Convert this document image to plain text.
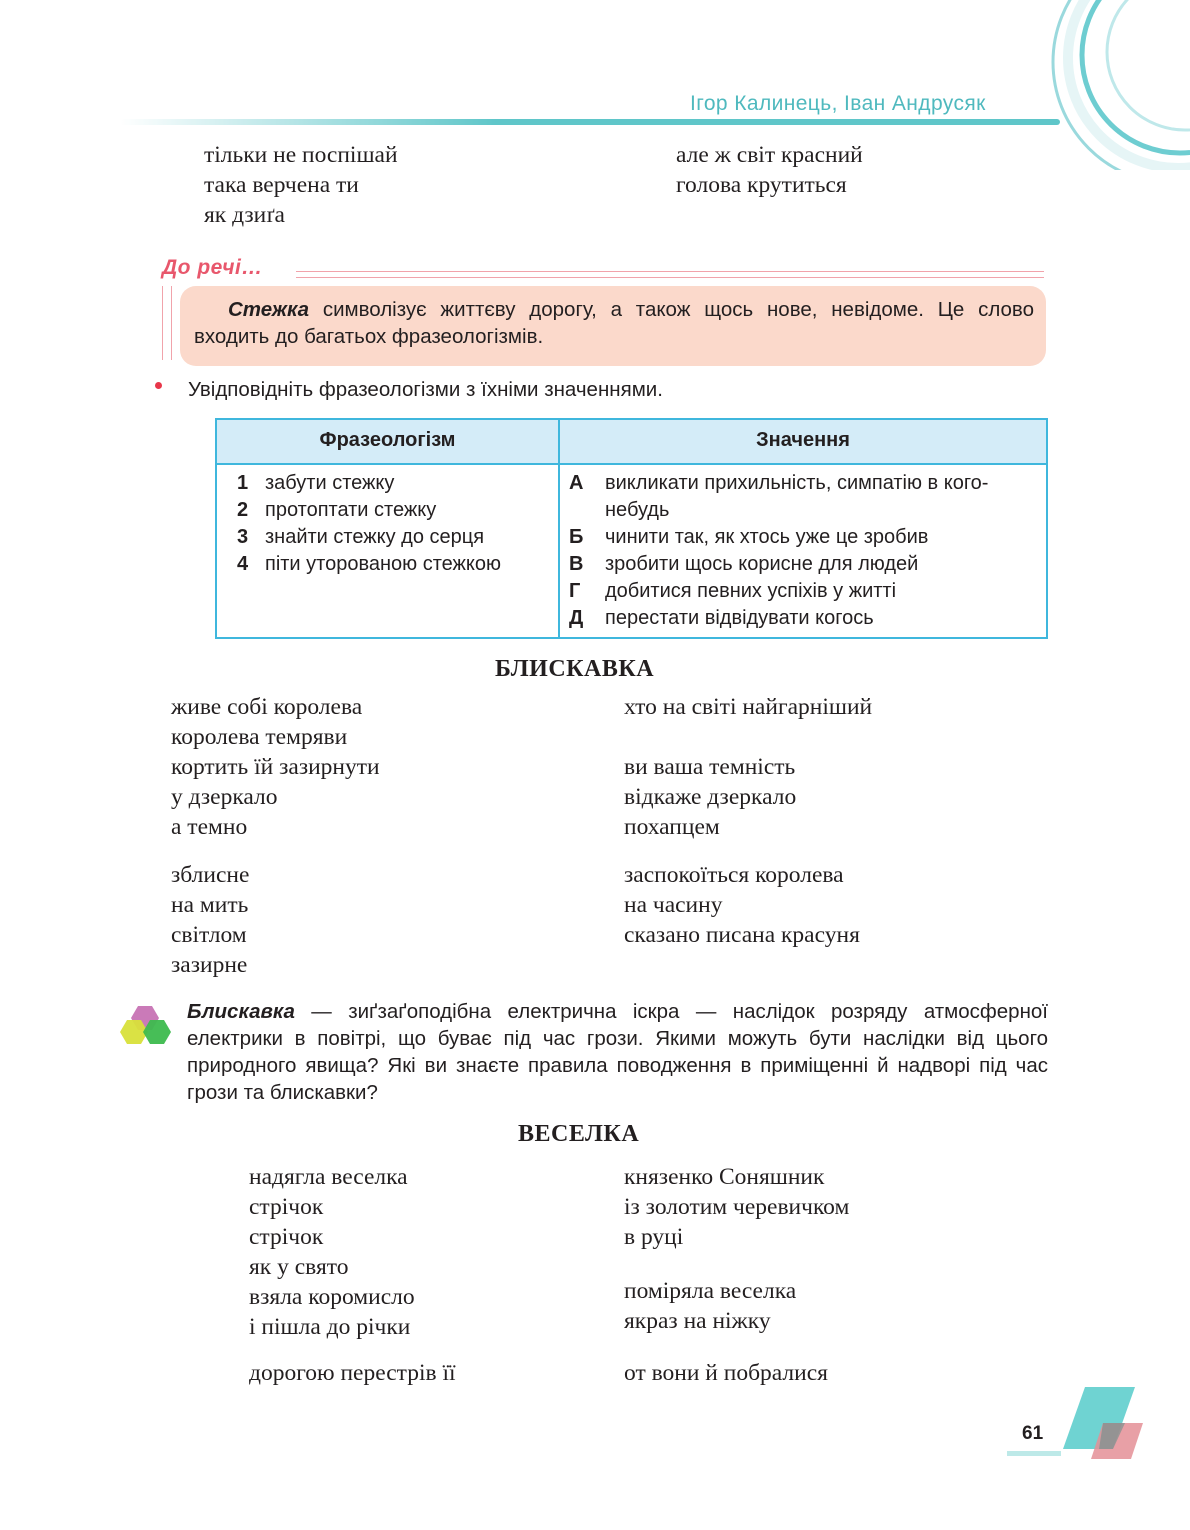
Ігор Калинець, Іван Андрусяк
тільки не поспішай
така верчена ти
як дзиґа
але ж світ красний
голова крутиться
До речі…
Стежка символізує життєву дорогу, а також щось нове, невідоме. Це слово входить до багатьох фразеологізмів.
Увідповідніть фразеологізми з їхніми значеннями.
Фразеологізм	Значення
1 забути стежку
2 протоптати стежку
3 знайти стежку до серця
4 піти уторованою стежкою
А	викликати прихильність, симпатію в кого-небудь
Б	чинити так, як хтось уже це зробив
В	зробити щось корисне для людей
Г	добитися певних успіхів у житті
Д	перестати відвідувати когось
БЛИСКАВКА
живе собі королева
королева темряви
кортить їй зазирнути
у дзеркало
а темно
зблисне
на мить
світлом
зазирне
хто на світі найгарніший
ви ваша темність
відкаже дзеркало
похапцем
заспокоїться королева
на часину
сказано писана красуня
Блискавка — зиґзаґоподібна електрична іскра — наслідок розряду атмосферної електрики в повітрі, що буває під час грози. Якими можуть бути наслідки від цього природного явища? Які ви знаєте правила поводження в приміщенні й надворі під час грози та блискавки?
ВЕСЕЛКА
надягла веселка
стрічок
стрічок
як у свято
взяла коромисло
і пішла до річки
дорогою перестрів її
князенко Соняшник
із золотим черевичком
в руці
поміряла веселка
якраз на ніжку
от вони й побралися
61
